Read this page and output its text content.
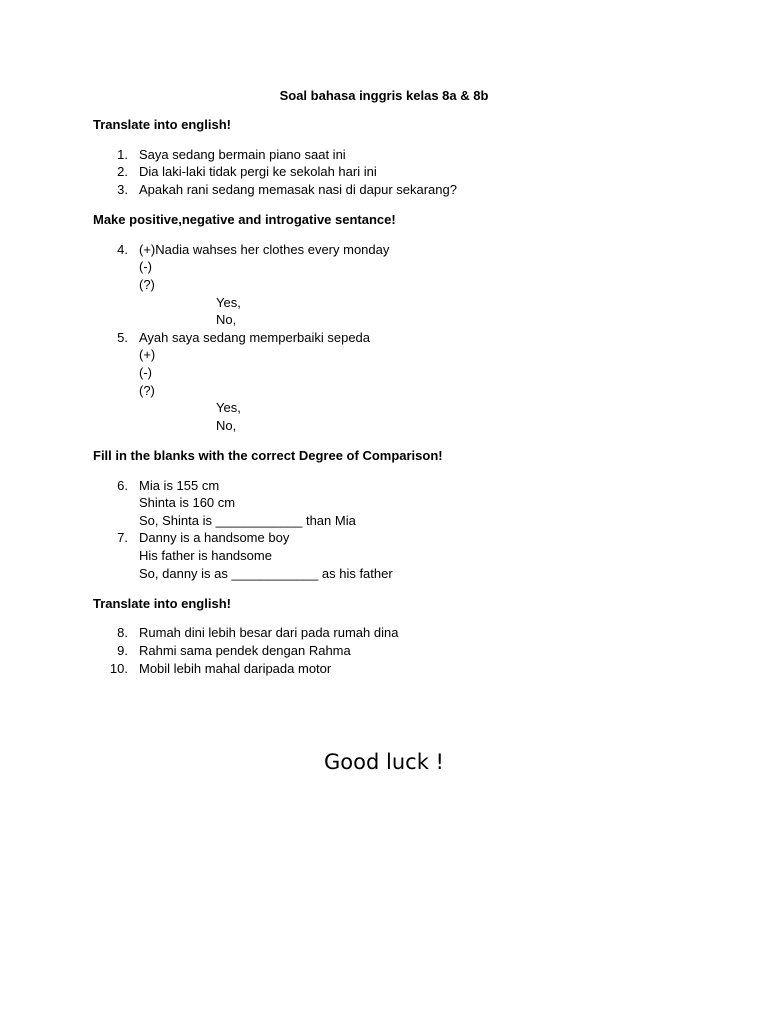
Soal bahasa inggris kelas 8a & 8b
Translate into english!
1. Saya sedang bermain piano saat ini
2. Dia laki-laki tidak pergi ke sekolah hari ini
3. Apakah rani sedang memasak nasi di dapur sekarang?
Make positive,negative and introgative sentance!
4. (+)Nadia wahses her clothes every monday
(-)
(?)
Yes,
No,
5. Ayah saya sedang memperbaiki sepeda
(+)
(-)
(?)
Yes,
No,
Fill in the blanks with the correct Degree of Comparison!
6. Mia is 155 cm
Shinta is 160 cm
So, Shinta is ____________ than Mia
7. Danny is a handsome boy
His father is handsome
So, danny is as ____________ as his father
Translate into english!
8. Rumah dini lebih besar dari pada rumah dina
9. Rahmi sama pendek dengan Rahma
10. Mobil lebih mahal daripada motor
Good luck !
